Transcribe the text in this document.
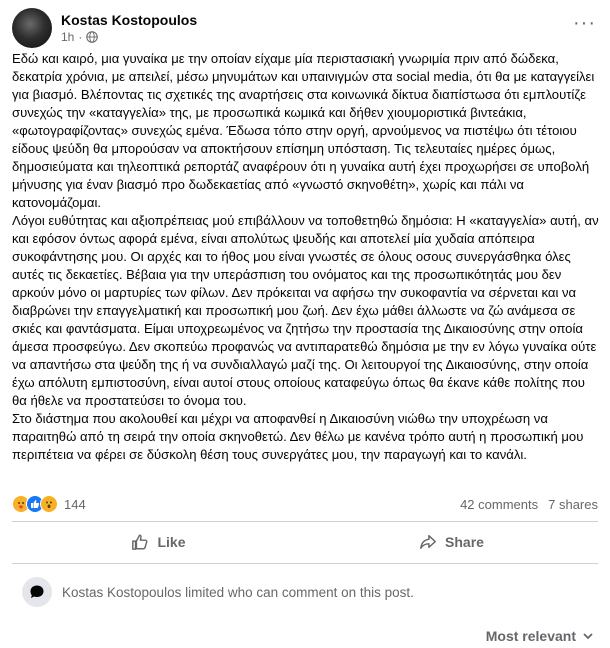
Kostas Kostopoulos
1h ·
···

Εδώ και καιρό, μια γυναίκα με την οποίαν είχαμε μία περιστασιακή γνωριμία πριν από δώδεκα, δεκατρία χρόνια, με απειλεί, μέσω μηνυμάτων και υπαινιγμών στα social media, ότι θα με καταγγείλει για βιασμό. Βλέποντας τις σχετικές της αναρτήσεις στα κοινωνικά δίκτυα διαπίστωσα ότι εμπλουτίζε συνεχώς την «καταγγελία» της, με προσωπικά κωμικά και δήθεν χιουμοριστικά βιντεάκια, «φωτογραφίζοντας» συνεχώς εμένα. Έδωσα τόπο στην οργή, αρνούμενος να πιστέψω ότι τέτοιου είδους ψεύδη θα μπορούσαν να αποκτήσουν επίσημη υπόσταση. Τις τελευταίες ημέρες όμως, δημοσιεύματα και τηλεοπτικά ρεπορτάζ αναφέρουν ότι η γυναίκα αυτή έχει προχωρήσει σε υποβολή μήνυσης για έναν βιασμό προ δωδεκαετίας από «γνωστό σκηνοθέτη», χωρίς και πάλι να κατονομάζομαι.

Λόγοι ευθύτητας και αξιοπρέπειας μού επιβάλλουν να τοποθετηθώ δημόσια: Η «καταγγελία» αυτή, αν και εφόσον όντως αφορά εμένα, είναι απολύτως ψευδής και αποτελεί μία χυδαία απόπειρα συκοφάντησης μου. Οι αρχές και το ήθος μου είναι γνωστές σε όλους οσους συνεργάσθηκα όλες αυτές τις δεκαετίες. Βέβαια για την υπεράσπιση του ονόματος και της προσωπικότητάς μου δεν αρκούν μόνο οι μαρτυρίες των φίλων. Δεν πρόκειται να αφήσω την συκοφαντία να σέρνεται και να διαβρώνει την επαγγελματική και προσωπική μου ζωή. Δεν έχω μάθει άλλωστε να ζώ ανάμεσα σε σκιές και φαντάσματα. Είμαι υποχρεωμένος να ζητήσω την προστασία της Δικαιοσύνης στην οποία άμεσα προσφεύγω. Δεν σκοπεύω προφανώς να αντιπαρατεθώ δημόσια με την εν λόγω γυναίκα ούτε να απαντήσω στα ψεύδη της ή να συνδιαλλαγώ μαζί της. Οι λειτουργοί της Δικαιοσύνης, στην οποία έχω απόλυτη εμπιστοσύνη, είναι αυτοί στους οποίους καταφεύγω όπως θα έκανε κάθε πολίτης που θα ήθελε να προστατεύσει το όνομα του.

Στο διάστημα που ακολουθεί και μέχρι να αποφανθεί η Δικαιοσύνη νιώθω την υποχρέωση να παραιτηθώ από τη σειρά την οποία σκηνοθετώ. Δεν θέλω με κανένα τρόπο αυτή η προσωπική μου περιπέτεια να φέρει σε δύσκολη θέση τους συνεργάτες μου, την παραγωγή και το κανάλι.

144	42 comments 7 shares
Like	Share
Kostas Kostopoulos limited who can comment on this post.
Most relevant
